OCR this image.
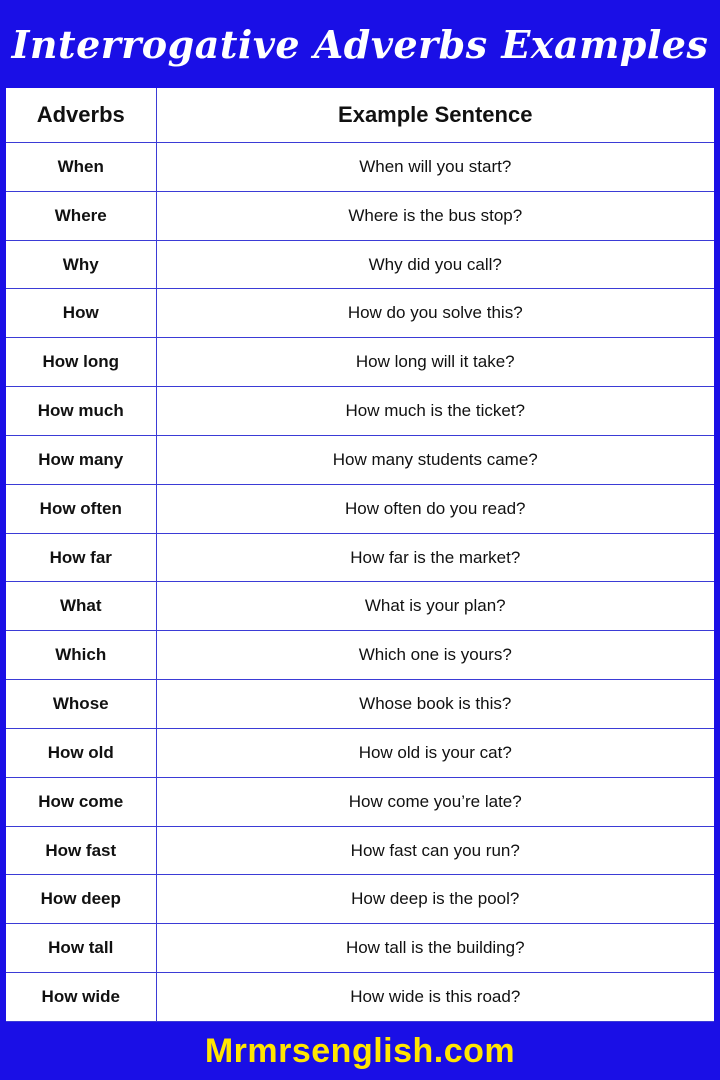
Interrogative Adverbs Examples
Adverbs	Example Sentence
When	When will you start?
Where	Where is the bus stop?
Why	Why did you call?
How	How do you solve this?
How long	How long will it take?
How much	How much is the ticket?
How many	How many students came?
How often	How often do you read?
How far	How far is the market?
What	What is your plan?
Which	Which one is yours?
Whose	Whose book is this?
How old	How old is your cat?
How come	How come you’re late?
How fast	How fast can you run?
How deep	How deep is the pool?
How tall	How tall is the building?
How wide	How wide is this road?
Mrmrsenglish.com
